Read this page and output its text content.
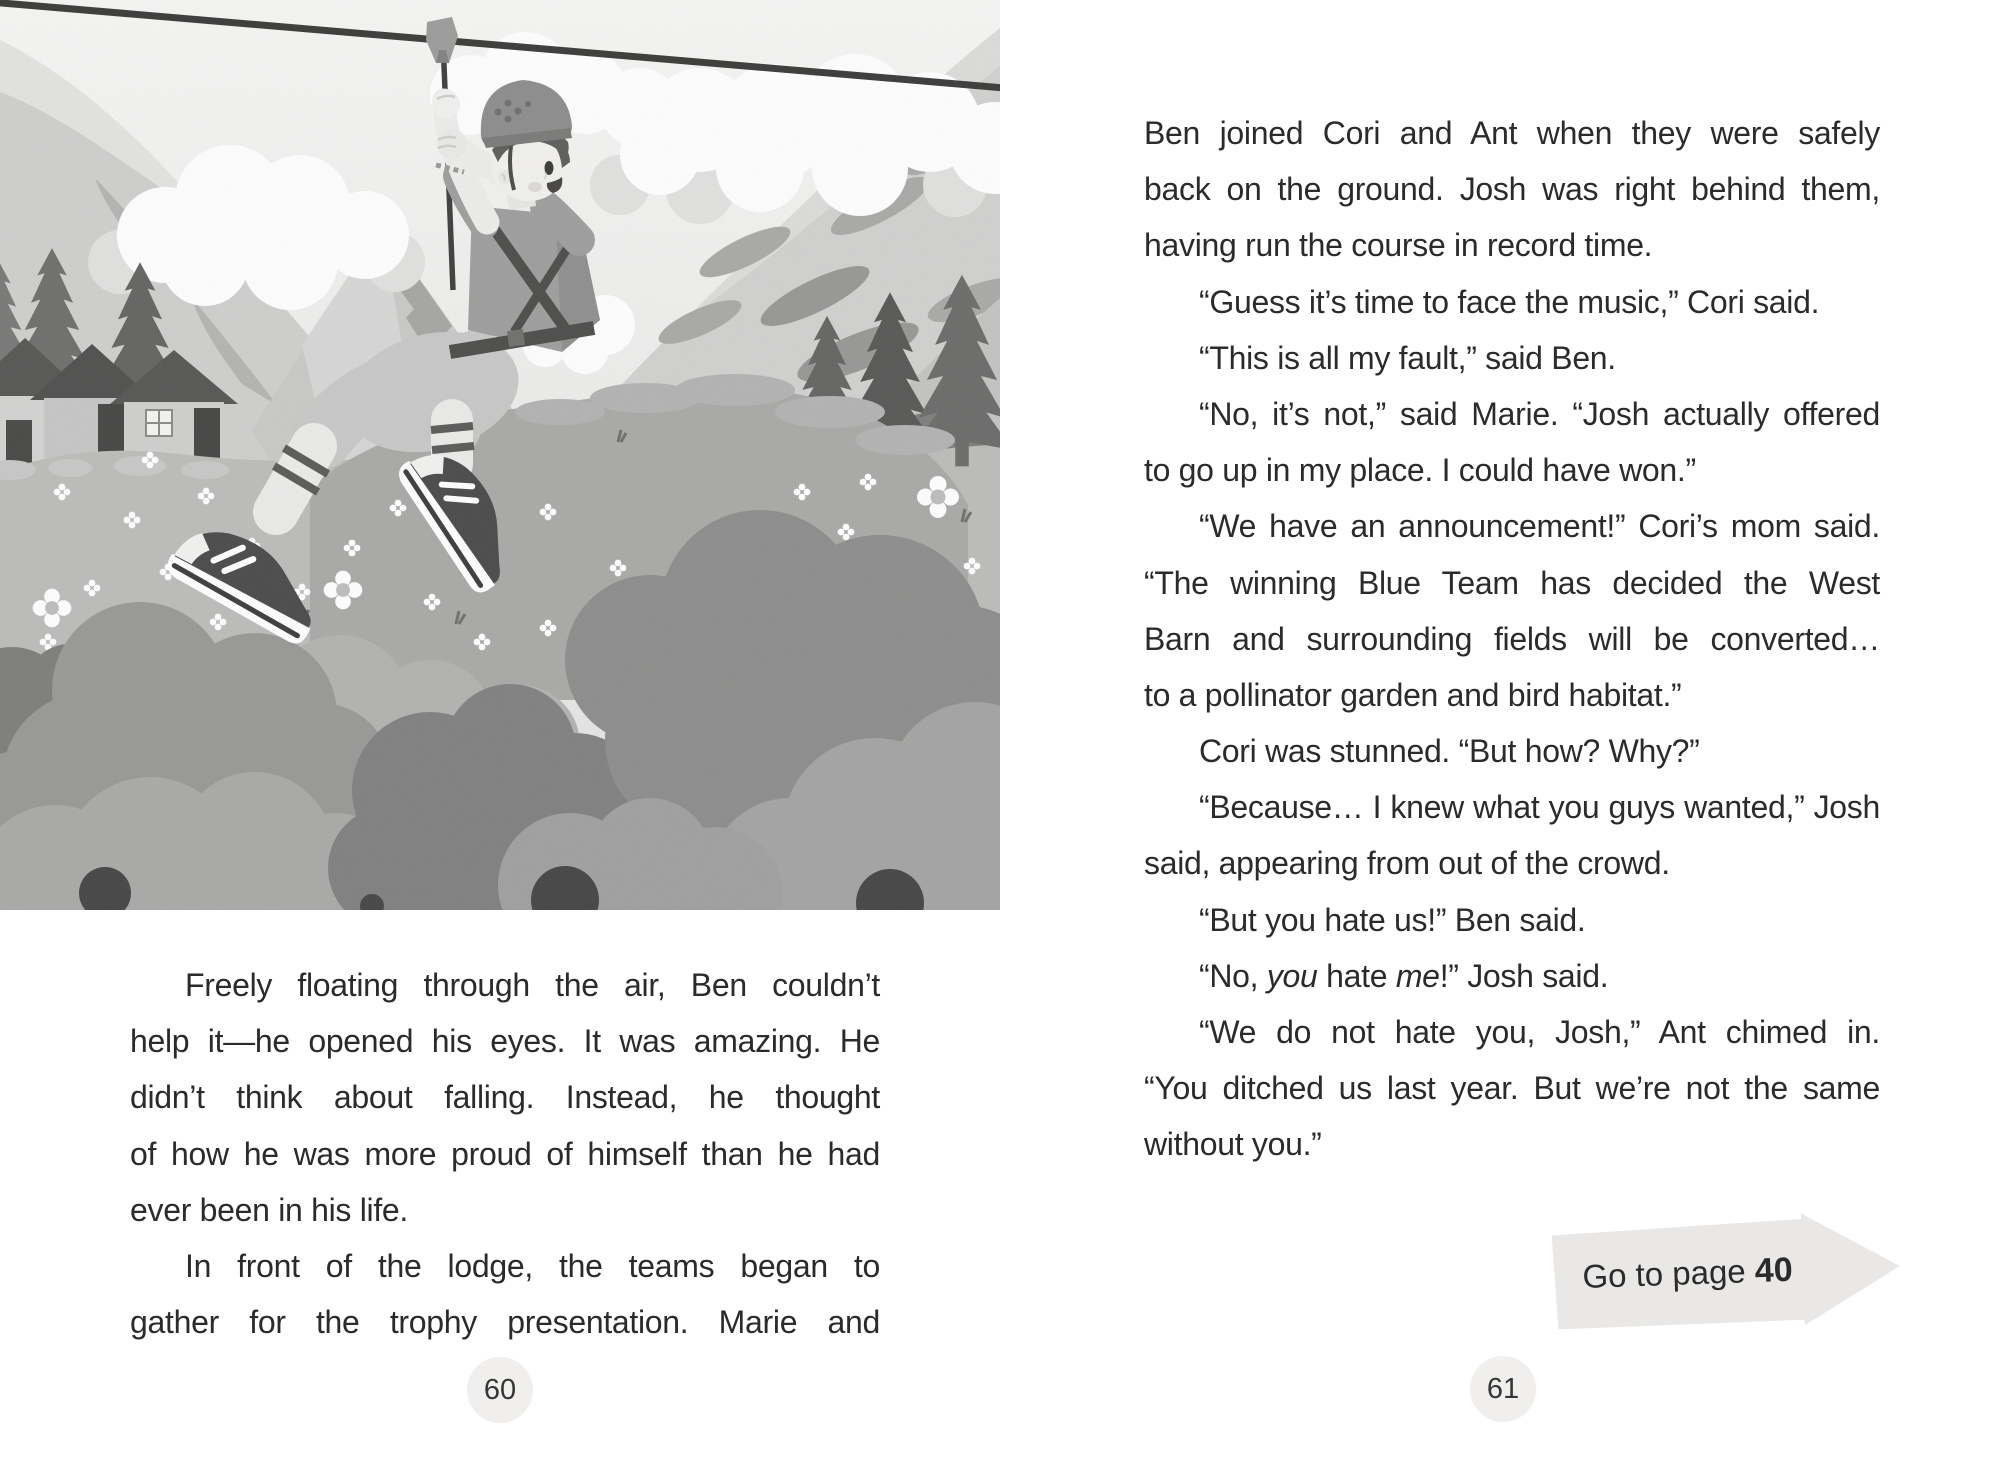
Freely floating through the air, Ben couldn’t
help it—he opened his eyes. It was amazing. He
didn’t think about falling. Instead, he thought
of how he was more proud of himself than he had
ever been in his life.
In front of the lodge, the teams began to
gather for the trophy presentation. Marie and
60
Ben joined Cori and Ant when they were safely
back on the ground. Josh was right behind them,
having run the course in record time.
“Guess it’s time to face the music,” Cori said.
“This is all my fault,” said Ben.
“No, it’s not,” said Marie. “Josh actually offered
to go up in my place. I could have won.”
“We have an announcement!” Cori’s mom said.
“The winning Blue Team has decided the West
Barn and surrounding fields will be converted…
to a pollinator garden and bird habitat.”
Cori was stunned. “But how? Why?”
“Because… I knew what you guys wanted,” Josh
said, appearing from out of the crowd.
“But you hate us!” Ben said.
“No, you hate me!” Josh said.
“We do not hate you, Josh,” Ant chimed in.
“You ditched us last year. But we’re not the same
without you.”
Go to page 40
61
